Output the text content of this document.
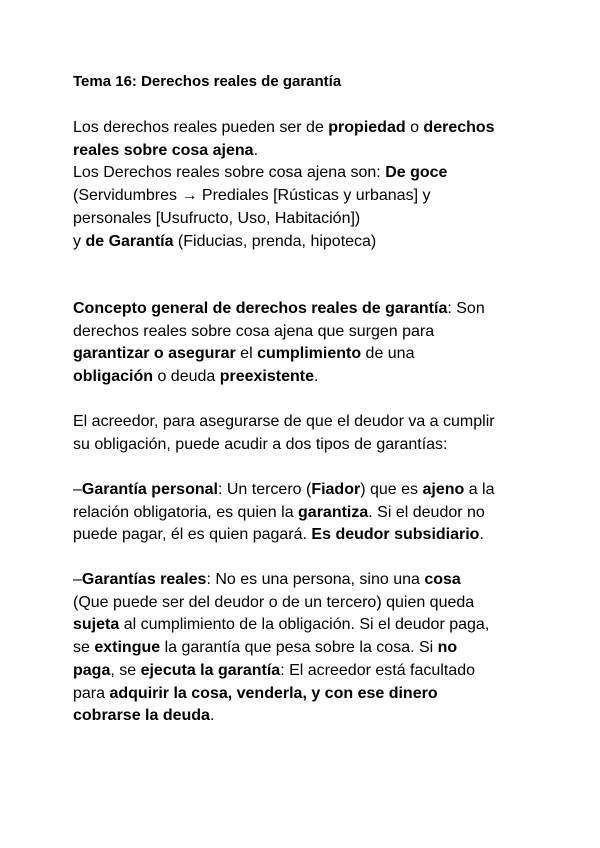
Tema 16: Derechos reales de garantía
Los derechos reales pueden ser de propiedad o derechos
reales sobre cosa ajena.
Los Derechos reales sobre cosa ajena son: De goce
(Servidumbres → Prediales [Rústicas y urbanas] y
personales [Usufructo, Uso, Habitación])
y de Garantía (Fiducias, prenda, hipoteca)
Concepto general de derechos reales de garantía: Son
derechos reales sobre cosa ajena que surgen para
garantizar o asegurar el cumplimiento de una
obligación o deuda preexistente.
El acreedor, para asegurarse de que el deudor va a cumplir
su obligación, puede acudir a dos tipos de garantías:
–Garantía personal: Un tercero (Fiador) que es ajeno a la
relación obligatoria, es quien la garantiza. Si el deudor no
puede pagar, él es quien pagará. Es deudor subsidiario.
–Garantías reales: No es una persona, sino una cosa
(Que puede ser del deudor o de un tercero) quien queda
sujeta al cumplimiento de la obligación. Si el deudor paga,
se extingue la garantía que pesa sobre la cosa. Si no
paga, se ejecuta la garantía: El acreedor está facultado
para adquirir la cosa, venderla, y con ese dinero
cobrarse la deuda.
